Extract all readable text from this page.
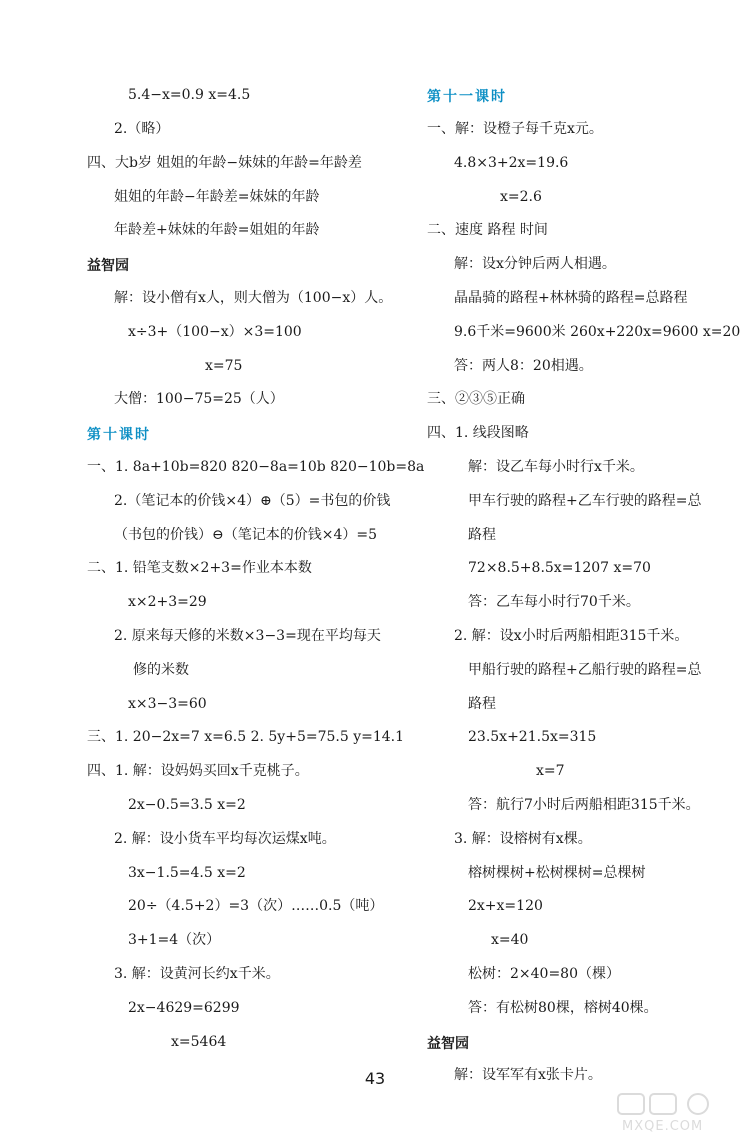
5.4−x=0.9 x=4.5
2.（略）
四、大b岁 姐姐的年龄−妹妹的年龄=年龄差
姐姐的年龄−年龄差=妹妹的年龄
年龄差+妹妹的年龄=姐姐的年龄
益智园
解：设小僧有x人，则大僧为（100−x）人。
x÷3+（100−x）×3=100
x=75
大僧：100−75=25（人）
第十课时
一、1. 8a+10b=820 820−8a=10b 820−10b=8a
2.（笔记本的价钱×4）⊕（5）=书包的价钱
（书包的价钱）⊖（笔记本的价钱×4）=5
二、1. 铅笔支数×2+3=作业本本数
x×2+3=29
2. 原来每天修的米数×3−3=现在平均每天
修的米数
x×3−3=60
三、1. 20−2x=7 x=6.5 2. 5y+5=75.5 y=14.1
四、1. 解：设妈妈买回x千克桃子。
2x−0.5=3.5 x=2
2. 解：设小货车平均每次运煤x吨。
3x−1.5=4.5 x=2
20÷（4.5+2）=3（次）……0.5（吨）
3+1=4（次）
3. 解：设黄河长约x千米。
2x−4629=6299
x=5464
第十一课时
一、解：设橙子每千克x元。
4.8×3+2x=19.6
x=2.6
二、速度 路程 时间
解：设x分钟后两人相遇。
晶晶骑的路程+林林骑的路程=总路程
9.6千米=9600米 260x+220x=9600 x=20
答：两人8：20相遇。
三、②③⑤正确
四、1. 线段图略
解：设乙车每小时行x千米。
甲车行驶的路程+乙车行驶的路程=总
路程
72×8.5+8.5x=1207 x=70
答：乙车每小时行70千米。
2. 解：设x小时后两船相距315千米。
甲船行驶的路程+乙船行驶的路程=总
路程
23.5x+21.5x=315
x=7
答：航行7小时后两船相距315千米。
3. 解：设榕树有x棵。
榕树棵树+松树棵树=总棵树
2x+x=120
x=40
松树：2×40=80（棵）
答：有松树80棵，榕树40棵。
益智园
解：设军军有x张卡片。
43
MXQE.COM
